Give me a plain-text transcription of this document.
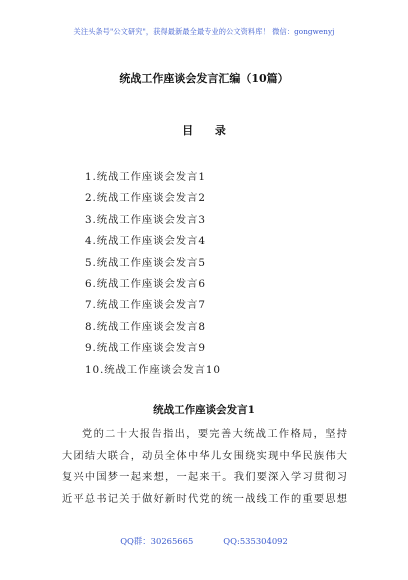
关注头条号"公文研究"，获得最新最全最专业的公文资料库！ 微信：gongwenyj
统战工作座谈会发言汇编（10篇）
目 录
1.统战工作座谈会发言1
2.统战工作座谈会发言2
3.统战工作座谈会发言3
4.统战工作座谈会发言4
5.统战工作座谈会发言5
6.统战工作座谈会发言6
7.统战工作座谈会发言7
8.统战工作座谈会发言8
9.统战工作座谈会发言9
10.统战工作座谈会发言10
统战工作座谈会发言1
党的二十大报告指出，要完善大统战工作格局，坚持
大团结大联合，动员全体中华儿女围绕实现中华民族伟大
复兴中国梦一起来想，一起来干。我们要深入学习贯彻习
近平总书记关于做好新时代党的统一战线工作的重要思想
QQ群：30265665	QQ:535304092
